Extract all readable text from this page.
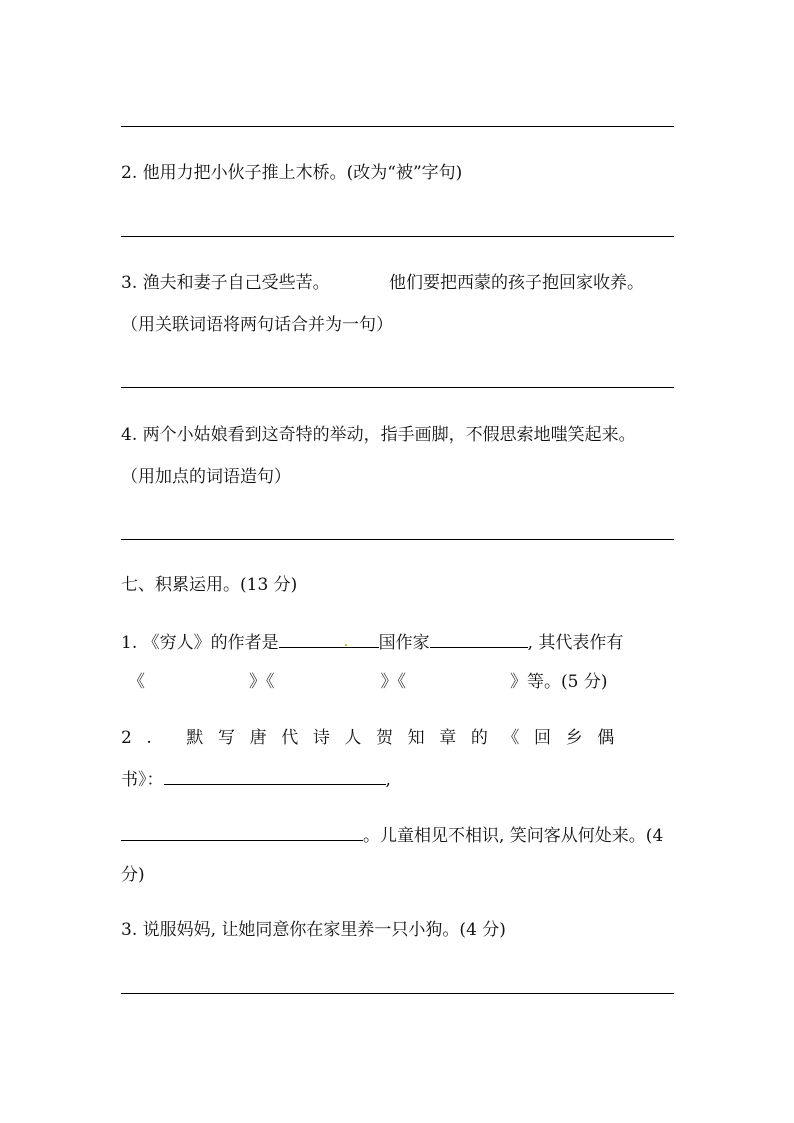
2. 他用力把小伙子推上木桥。(改为“被”字句)
3. 渔夫和妻子自己受些苦。	他们要把西蒙的孩子抱回家收养。
（用关联词语将两句话合并为一句）
4. 两个小姑娘看到这奇特的举动，指手画脚，不假思索地嗤笑起来。
（用加点的词语造句）
七、积累运用。(13 分)
1. 《穷人》的作者是	国作家	, 其代表作有
《	》《	》《	》等。(5 分)
2. 默写唐代诗人贺知章的《回乡偶
书》：	,
。儿童相见不相识, 笑问客从何处来。(4
分)
3. 说服妈妈, 让她同意你在家里养一只小狗。(4 分)
